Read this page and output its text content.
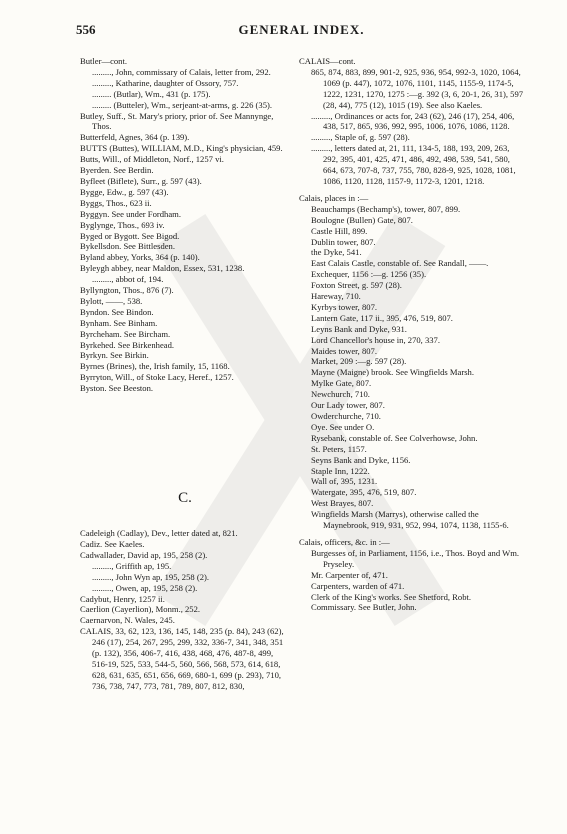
556	GENERAL INDEX.

Butler—cont.

........., John, commissary of Calais, letter from, 292.

........., Katharine, daughter of Ossory, 757.

......... (Butlar), Wm., 431 (p. 175).

......... (Butteler), Wm., serjeant-at-arms, g. 226 (35).

Butley, Suff., St. Mary's priory, prior of. See Mannynge, Thos.

Butterfeld, Agnes, 364 (p. 139).

BUTTS (Buttes), WILLIAM, M.D., King's physician, 459.

Butts, Will., of Middleton, Norf., 1257 vi.

Byerden. See Berdin.

Byfleet (Biflete), Surr., g. 597 (43).

Bygge, Edw., g. 597 (43).

Byggs, Thos., 623 ii.

Byggyn. See under Fordham.

Byglynge, Thos., 693 iv.

Byged or Bygott. See Bigod.

Bykellsdon. See Bittlesden.

Byland abbey, Yorks, 364 (p. 140).

Byleygh abbey, near Maldon, Essex, 531, 1238.

........., abbot of, 194.

Byllyngton, Thos., 876 (7).

Bylott, ——, 538.

Byndon. See Bindon.

Bynham. See Binham.

Byrcheham. See Bircham.

Byrkehed. See Birkenhead.

Byrkyn. See Birkin.

Byrnes (Brines), the, Irish family, 15, 1168.

Byrryton, Will., of Stoke Lacy, Heref., 1257.

Byston. See Beeston.

C.

Cadeleigh (Cadlay), Dev., letter dated at, 821.

Cadiz. See Kaeles.

Cadwallader, David ap, 195, 258 (2).

........., Griffith ap, 195.

........., John Wyn ap, 195, 258 (2).

........., Owen, ap, 195, 258 (2).

Cadybut, Henry, 1257 ii.

Caerlion (Cayerlion), Monm., 252.

Caernarvon, N. Wales, 245.

CALAIS, 33, 62, 123, 136, 145, 148, 235 (p. 84), 243 (62), 246 (17), 254, 267, 295, 299, 332, 336-7, 341, 348, 351 (p. 132), 356, 406-7, 416, 438, 468, 476, 487-8, 499, 516-19, 525, 533, 544-5, 560, 566, 568, 573, 614, 618, 628, 631, 635, 651, 656, 669, 680-1, 699 (p. 293), 710, 736, 738, 747, 773, 781, 789, 807, 812, 830,

CALAIS—cont.

865, 874, 883, 899, 901-2, 925, 936, 954, 992-3, 1020, 1064, 1069 (p. 447), 1072, 1076, 1101, 1145, 1155-9, 1174-5, 1222, 1231, 1270, 1275 :—g. 392 (3, 6, 20-1, 26, 31), 597 (28, 44), 775 (12), 1015 (19). See also Kaeles.

........., Ordinances or acts for, 243 (62), 246 (17), 254, 406, 438, 517, 865, 936, 992, 995, 1006, 1076, 1086, 1128.

........., Staple of, g. 597 (28).

........., letters dated at, 21, 111, 134-5, 188, 193, 209, 263, 292, 395, 401, 425, 471, 486, 492, 498, 539, 541, 580, 664, 673, 707-8, 737, 755, 780, 828-9, 925, 1028, 1081, 1086, 1120, 1128, 1157-9, 1172-3, 1201, 1218.

Calais, places in :—

Beauchamps (Bechamp's), tower, 807, 899.

Boulogne (Bullen) Gate, 807.

Castle Hill, 899.

Dublin tower, 807.

the Dyke, 541.

East Calais Castle, constable of. See Randall, ——.

Exchequer, 1156 :—g. 1256 (35).

Foxton Street, g. 597 (28).

Hareway, 710.

Kyrbys tower, 807.

Lantern Gate, 117 ii., 395, 476, 519, 807.

Leyns Bank and Dyke, 931.

Lord Chancellor's house in, 270, 337.

Maides tower, 807.

Market, 209 :—g. 597 (28).

Mayne (Maigne) brook. See Wingfields Marsh.

Mylke Gate, 807.

Newchurch, 710.

Our Lady tower, 807.

Owderchurche, 710.

Oye. See under O.

Rysebank, constable of. See Colverhowse, John.

St. Peters, 1157.

Seyns Bank and Dyke, 1156.

Staple Inn, 1222.

Wall of, 395, 1231.

Watergate, 395, 476, 519, 807.

West Brayes, 807.

Wingfields Marsh (Marrys), otherwise called the Maynebrook, 919, 931, 952, 994, 1074, 1138, 1155-6.

Calais, officers, &c. in :—

Burgesses of, in Parliament, 1156, i.e., Thos. Boyd and Wm. Pryseley.

Mr. Carpenter of, 471.

Carpenters, warden of 471.

Clerk of the King's works. See Shetford, Robt.

Commissary. See Butler, John.
